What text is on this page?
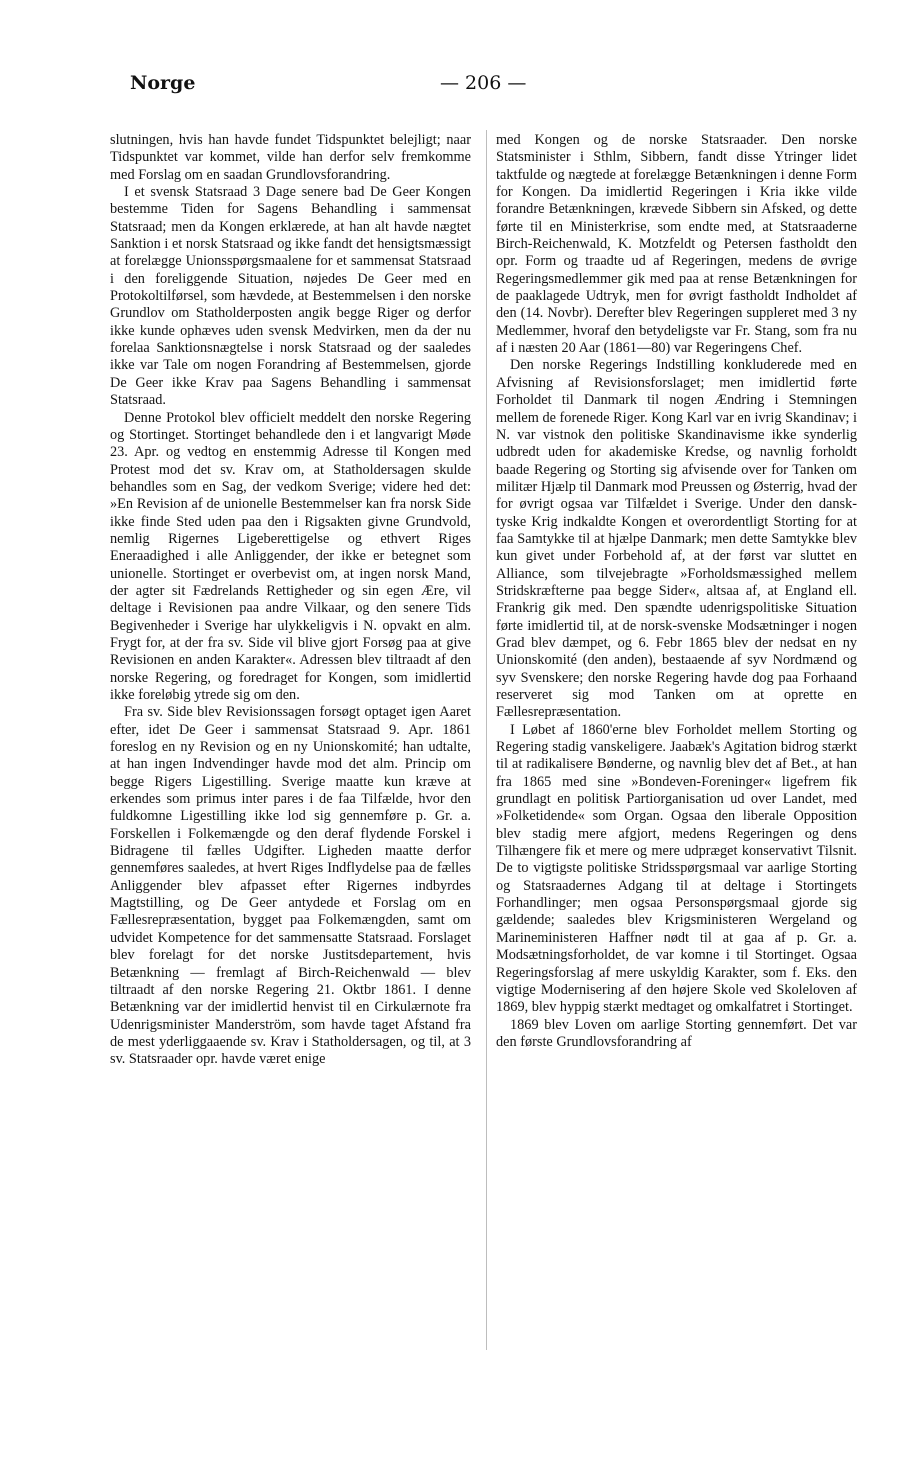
Norge	— 206 —

slutningen, hvis han havde fundet Tidspunktet belejligt; naar Tidspunktet var kommet, vilde han derfor selv fremkomme med Forslag om en saadan Grundlovsforandring.

I et svensk Statsraad 3 Dage senere bad De Geer Kongen bestemme Tiden for Sagens Behandling i sammensat Statsraad; men da Kongen erklærede, at han alt havde nægtet Sanktion i et norsk Statsraad og ikke fandt det hensigtsmæssigt at forelægge Unionsspørgsmaalene for et sammensat Statsraad i den foreliggende Situation, nøjedes De Geer med en Protokoltilførsel, som hævdede, at Bestemmelsen i den norske Grundlov om Statholderposten angik begge Riger og derfor ikke kunde ophæves uden svensk Medvirken, men da der nu forelaa Sanktionsnægtelse i norsk Statsraad og der saaledes ikke var Tale om nogen Forandring af Bestemmelsen, gjorde De Geer ikke Krav paa Sagens Behandling i sammensat Statsraad.

Denne Protokol blev officielt meddelt den norske Regering og Stortinget. Stortinget behandlede den i et langvarigt Møde 23. Apr. og vedtog en enstemmig Adresse til Kongen med Protest mod det sv. Krav om, at Statholdersagen skulde behandles som en Sag, der vedkom Sverige; videre hed det: »En Revision af de unionelle Bestemmelser kan fra norsk Side ikke finde Sted uden paa den i Rigsakten givne Grundvold, nemlig Rigernes Ligeberettigelse og ethvert Riges Eneraadighed i alle Anliggender, der ikke er betegnet som unionelle. Stortinget er overbevist om, at ingen norsk Mand, der agter sit Fædrelands Rettigheder og sin egen Ære, vil deltage i Revisionen paa andre Vilkaar, og den senere Tids Begivenheder i Sverige har ulykkeligvis i N. opvakt en alm. Frygt for, at der fra sv. Side vil blive gjort Forsøg paa at give Revisionen en anden Karakter«. Adressen blev tiltraadt af den norske Regering, og foredraget for Kongen, som imidlertid ikke foreløbig ytrede sig om den.

Fra sv. Side blev Revisionssagen forsøgt optaget igen Aaret efter, idet De Geer i sammensat Statsraad 9. Apr. 1861 foreslog en ny Revision og en ny Unionskomité; han udtalte, at han ingen Indvendinger havde mod det alm. Princip om begge Rigers Ligestilling. Sverige maatte kun kræve at erkendes som primus inter pares i de faa Tilfælde, hvor den fuldkomne Ligestilling ikke lod sig gennemføre p. Gr. a. Forskellen i Folkemængde og den deraf flydende Forskel i Bidragene til fælles Udgifter. Ligheden maatte derfor gennemføres saaledes, at hvert Riges Indflydelse paa de fælles Anliggender blev afpasset efter Rigernes indbyrdes Magtstilling, og De Geer antydede et Forslag om en Fællesrepræsentation, bygget paa Folkemængden, samt om udvidet Kompetence for det sammensatte Statsraad. Forslaget blev forelagt for det norske Justitsdepartement, hvis Betænkning — fremlagt af Birch-Reichenwald — blev tiltraadt af den norske Regering 21. Oktbr 1861. I denne Betænkning var der imidlertid henvist til en Cirkulærnote fra Udenrigsminister Manderström, som havde taget Afstand fra de mest yderliggaaende sv. Krav i Statholdersagen, og til, at 3 sv. Statsraader opr. havde været enige

med Kongen og de norske Statsraader. Den norske Statsminister i Sthlm, Sibbern, fandt disse Ytringer lidet taktfulde og nægtede at forelægge Betænkningen i denne Form for Kongen. Da imidlertid Regeringen i Kria ikke vilde forandre Betænkningen, krævede Sibbern sin Afsked, og dette førte til en Ministerkrise, som endte med, at Statsraaderne Birch-Reichenwald, K. Motzfeldt og Petersen fastholdt den opr. Form og traadte ud af Regeringen, medens de øvrige Regeringsmedlemmer gik med paa at rense Betænkningen for de paaklagede Udtryk, men for øvrigt fastholdt Indholdet af den (14. Novbr). Derefter blev Regeringen suppleret med 3 ny Medlemmer, hvoraf den betydeligste var Fr. Stang, som fra nu af i næsten 20 Aar (1861—80) var Regeringens Chef.

Den norske Regerings Indstilling konkluderede med en Afvisning af Revisionsforslaget; men imidlertid førte Forholdet til Danmark til nogen Ændring i Stemningen mellem de forenede Riger. Kong Karl var en ivrig Skandinav; i N. var vistnok den politiske Skandinavisme ikke synderlig udbredt uden for akademiske Kredse, og navnlig forholdt baade Regering og Storting sig afvisende over for Tanken om militær Hjælp til Danmark mod Preussen og Østerrig, hvad der for øvrigt ogsaa var Tilfældet i Sverige. Under den dansk-tyske Krig indkaldte Kongen et overordentligt Storting for at faa Samtykke til at hjælpe Danmark; men dette Samtykke blev kun givet under Forbehold af, at der først var sluttet en Alliance, som tilvejebragte »Forholdsmæssighed mellem Stridskræfterne paa begge Sider«, altsaa af, at England ell. Frankrig gik med. Den spændte udenrigspolitiske Situation førte imidlertid til, at de norsk-svenske Modsætninger i nogen Grad blev dæmpet, og 6. Febr 1865 blev der nedsat en ny Unionskomité (den anden), bestaaende af syv Nordmænd og syv Svenskere; den norske Regering havde dog paa Forhaand reserveret sig mod Tanken om at oprette en Fællesrepræsentation.

I Løbet af 1860'erne blev Forholdet mellem Storting og Regering stadig vanskeligere. Jaabæk's Agitation bidrog stærkt til at radikalisere Bønderne, og navnlig blev det af Bet., at han fra 1865 med sine »Bondeven-Foreninger« ligefrem fik grundlagt en politisk Partiorganisation ud over Landet, med »Folketidende« som Organ. Ogsaa den liberale Opposition blev stadig mere afgjort, medens Regeringen og dens Tilhængere fik et mere og mere udpræget konservativt Tilsnit. De to vigtigste politiske Stridsspørgsmaal var aarlige Storting og Statsraadernes Adgang til at deltage i Stortingets Forhandlinger; men ogsaa Personspørgsmaal gjorde sig gældende; saaledes blev Krigsministeren Wergeland og Marineministeren Haffner nødt til at gaa af p. Gr. a. Modsætningsforholdet, de var komne i til Stortinget. Ogsaa Regeringsforslag af mere uskyldig Karakter, som f. Eks. den vigtige Modernisering af den højere Skole ved Skoleloven af 1869, blev hyppig stærkt medtaget og omkalfatret i Stortinget.

1869 blev Loven om aarlige Storting gennemført. Det var den første Grundlovsforandring af
